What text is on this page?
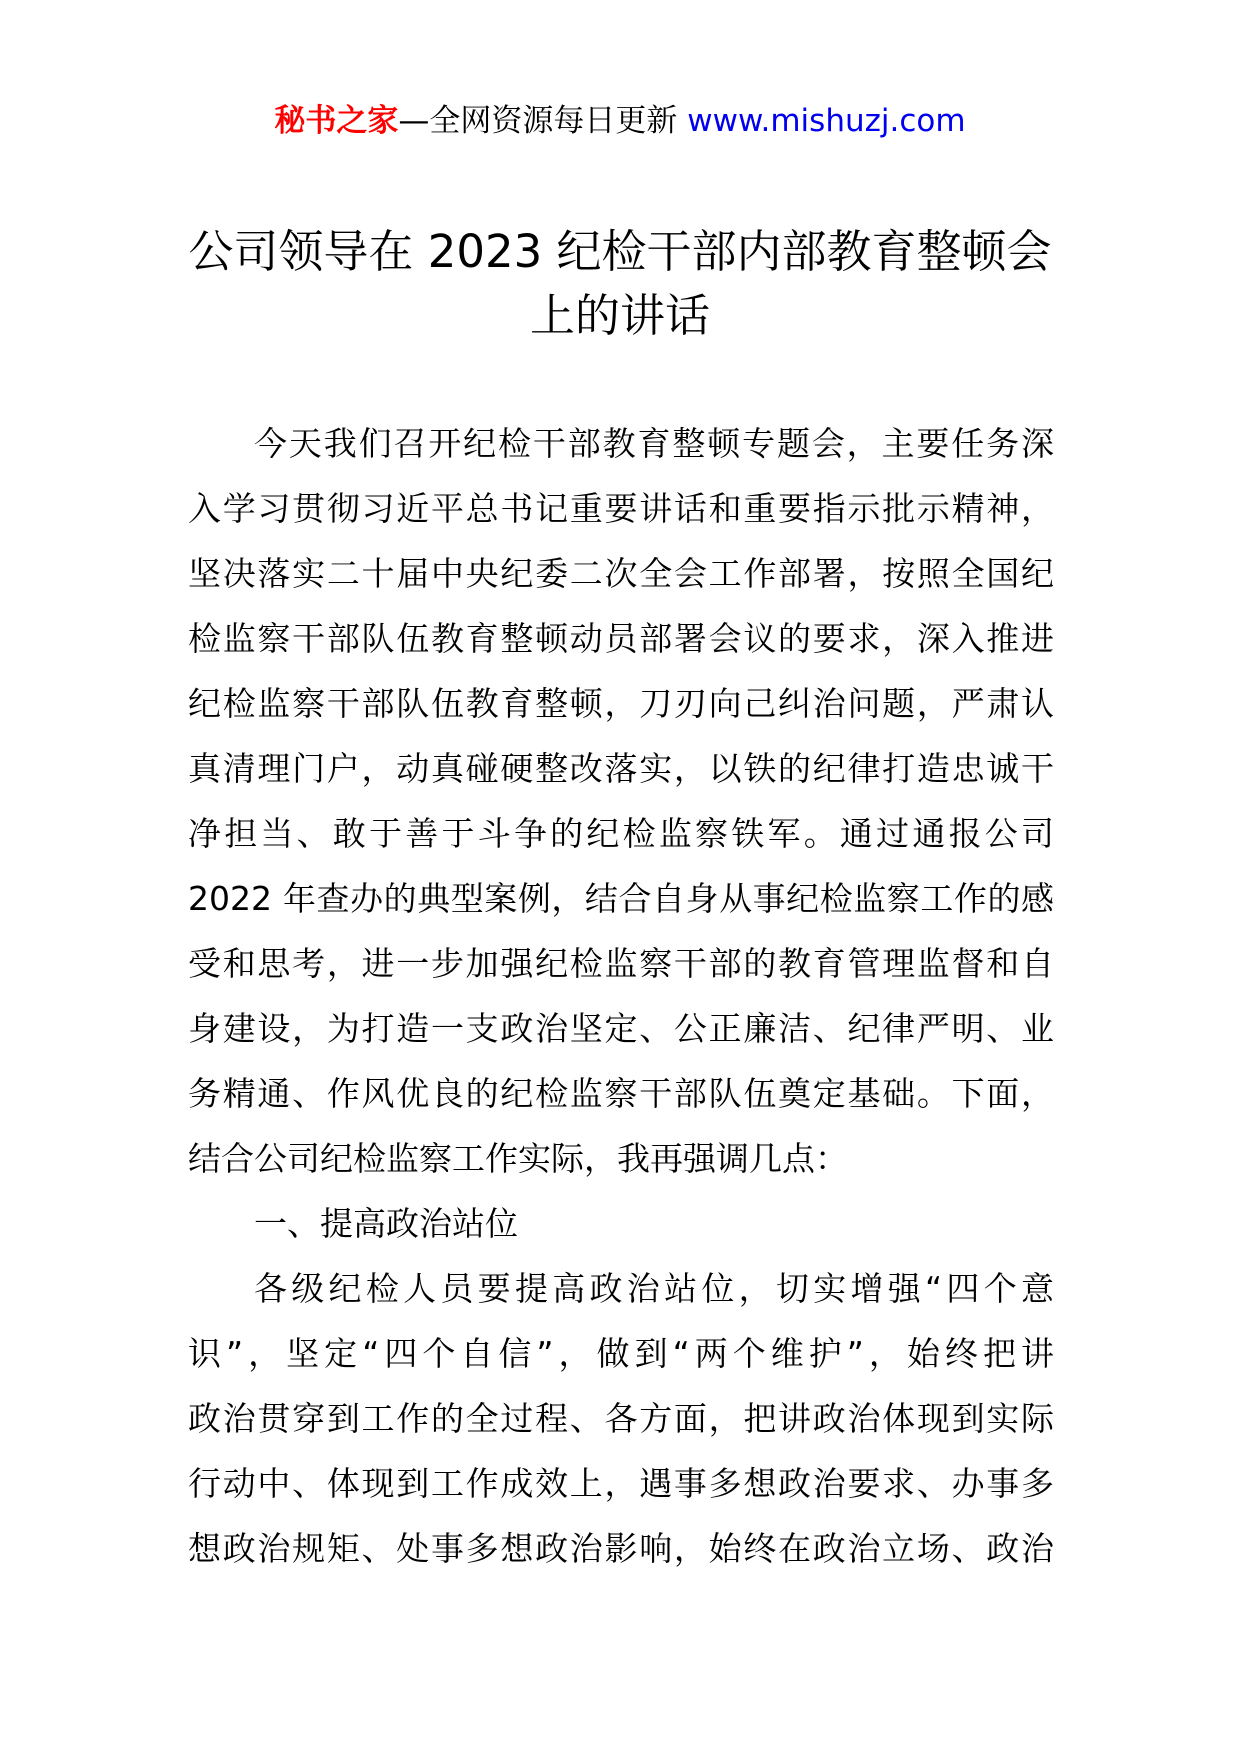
秘书之家—全网资源每日更新 www.mishuzj.com
公司领导在 2023 纪检干部内部教育整顿会
上的讲话
今天我们召开纪检干部教育整顿专题会，主要任务深
入学习贯彻习近平总书记重要讲话和重要指示批示精神，
坚决落实二十届中央纪委二次全会工作部署，按照全国纪
检监察干部队伍教育整顿动员部署会议的要求，深入推进
纪检监察干部队伍教育整顿，刀刃向己纠治问题，严肃认
真清理门户，动真碰硬整改落实，以铁的纪律打造忠诚干
净担当、敢于善于斗争的纪检监察铁军。通过通报公司
2022 年查办的典型案例，结合自身从事纪检监察工作的感
受和思考，进一步加强纪检监察干部的教育管理监督和自
身建设，为打造一支政治坚定、公正廉洁、纪律严明、业
务精通、作风优良的纪检监察干部队伍奠定基础。下面，
结合公司纪检监察工作实际，我再强调几点：
一、提高政治站位
各级纪检人员要提高政治站位，切实增强“四个意
识”，坚定“四个自信”，做到“两个维护”，始终把讲
政治贯穿到工作的全过程、各方面，把讲政治体现到实际
行动中、体现到工作成效上，遇事多想政治要求、办事多
想政治规矩、处事多想政治影响，始终在政治立场、政治
